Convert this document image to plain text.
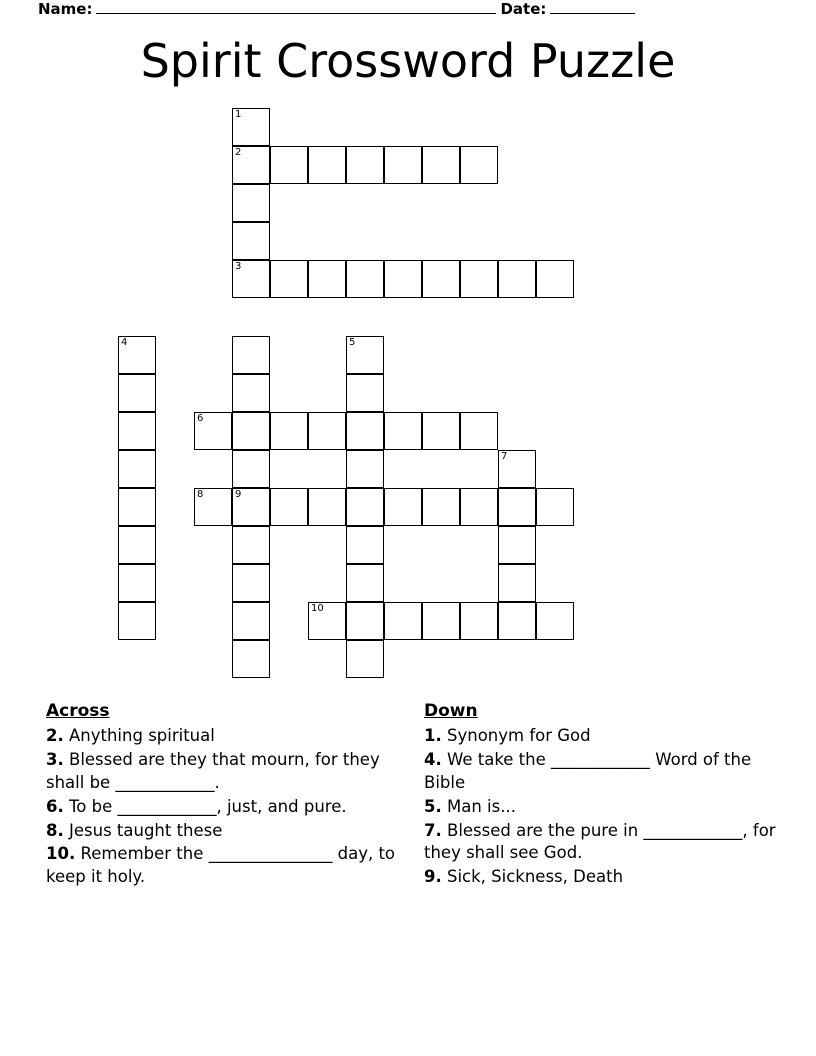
Name:	Date:
Spirit Crossword Puzzle
1
2
3
4	5
6
7
8	9
10
Across

2. Anything spiritual

3. Blessed are they that mourn, for they shall be ____________.

6. To be ____________, just, and pure.

8. Jesus taught these

10. Remember the _______________ day, to keep it holy.

Down

1. Synonym for God

4. We take the ____________ Word of the Bible

5. Man is...

7. Blessed are the pure in ____________, for they shall see God.

9. Sick, Sickness, Death
